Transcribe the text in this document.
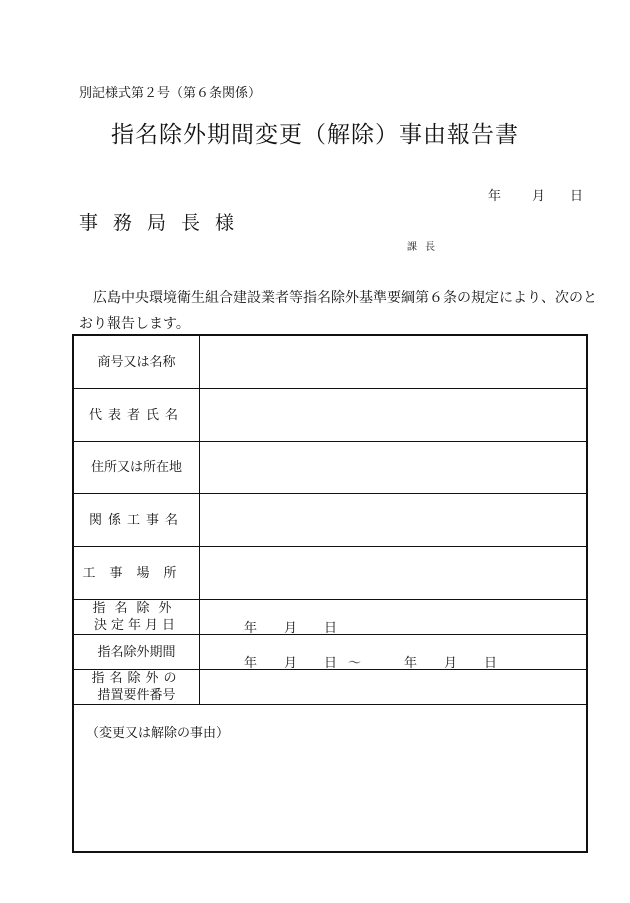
別記様式第２号（第６条関係）
指名除外期間変更（解除）事由報告書
年 月 日
事務局長様
課長
広島中央環境衛生組合建設業者等指名除外基準要綱第６条の規定により、次のとおり報告します。
商号又は名称
代表者氏名
住所又は所在地
関係工事名
工事場所
指名除外
決定年月日	年 月 日
指名除外期間
年 月 日 ～	年 月 日
指名除外の
措置要件番号
（変更又は解除の事由）
